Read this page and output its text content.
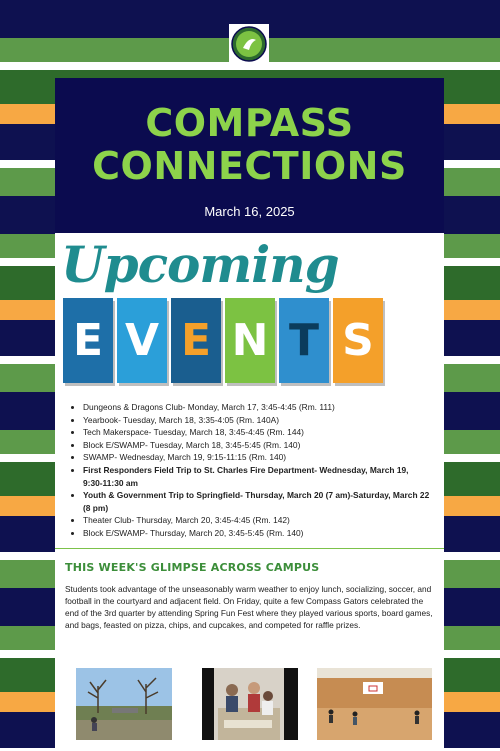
COMPASS CONNECTIONS
March 16, 2025
Upcoming
E V E N T S
• Dungeons & Dragons Club- Monday, March 17, 3:45-4:45 (Rm. 111)
• Yearbook- Tuesday, March 18, 3:35-4:05 (Rm. 140A)
• Tech Makerspace- Tuesday, March 18, 3:45-4:45 (Rm. 144)
• Block E/SWAMP- Tuesday, March 18, 3:45-5:45 (Rm. 140)
• SWAMP- Wednesday, March 19, 9:15-11:15 (Rm. 140)
• First Responders Field Trip to St. Charles Fire Department- Wednesday, March 19, 9:30-11:30 am
• Youth & Government Trip to Springfield- Thursday, March 20 (7 am)-Saturday, March 22 (8 pm)
• Theater Club- Thursday, March 20, 3:45-4:45 (Rm. 142)
• Block E/SWAMP- Thursday, March 20, 3:45-5:45 (Rm. 140)
THIS WEEK'S GLIMPSE ACROSS CAMPUS
Students took advantage of the unseasonably warm weather to enjoy lunch, socializing, soccer, and football in the courtyard and adjacent field. On Friday, quite a few Compass Gators celebrated the end of the 3rd quarter by attending Spring Fun Fest where they played various sports, board games, and bags, feasted on pizza, chips, and cupcakes, and competed for raffle prizes.
